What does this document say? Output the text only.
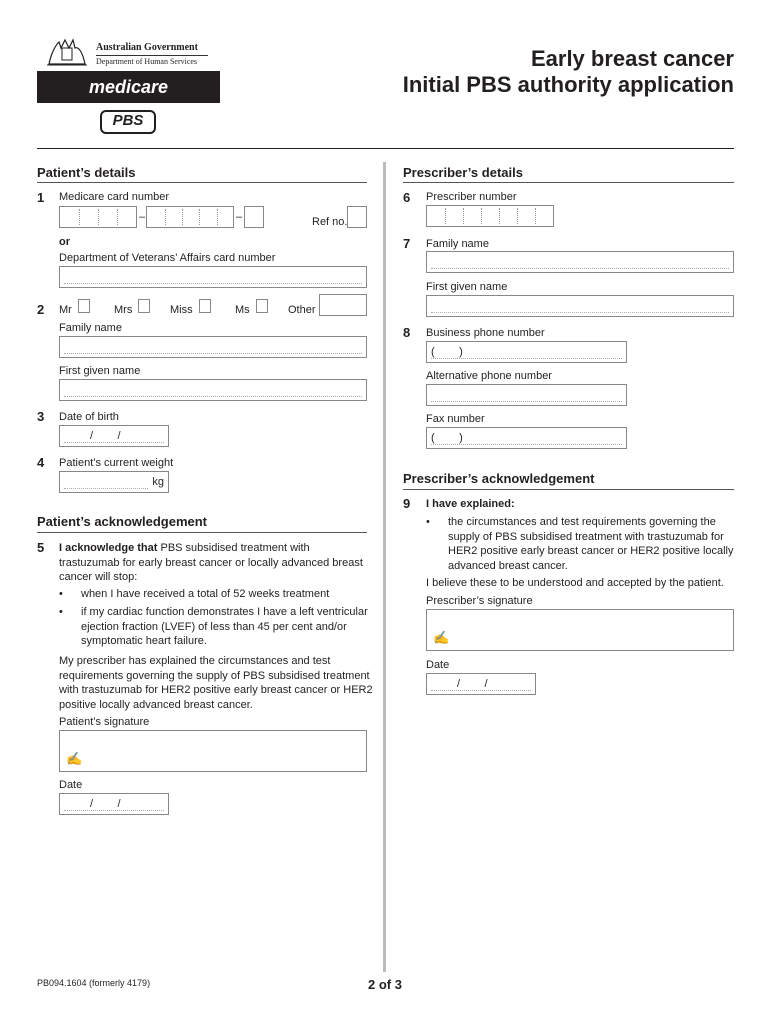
Australian Government
Department of Human Services
medicare
PBS
Early breast cancer
Initial PBS authority application
Patient’s details
1 Medicare card number
–	–	Ref no.
or
Department of Veterans’ Affairs card number
2 Mr	Mrs	Miss	Ms	Other
Family name
First given name
3 Date of birth
/        /
4 Patient’s current weight
kg
Patient’s acknowledgement
5 I acknowledge that PBS subsidised treatment with
trastuzumab for early breast cancer or locally advanced breast
cancer will stop:
• when I have received a total of 52 weeks treatment
• if my cardiac function demonstrates I have a left ventricular
ejection fraction (LVEF) of less than 45 per cent and/or
symptomatic heart failure.
My prescriber has explained the circumstances and test
requirements governing the supply of PBS subsidised treatment
with trastuzumab for HER2 positive early breast cancer or HER2
positive locally advanced breast cancer.
Patient’s signature
✍
Date
/        /
Prescriber’s details
6 Prescriber number
7 Family name
First given name
8 Business phone number
(        )
Alternative phone number
Fax number
(        )
Prescriber’s acknowledgement
9 I have explained:
• the circumstances and test requirements governing the
supply of PBS subsidised treatment with trastuzumab for
HER2 positive early breast cancer or HER2 positive locally
advanced breast cancer.
I believe these to be understood and accepted by the patient.
Prescriber’s signature
✍
Date
/        /
PB094.1604 (formerly 4179)	2 of 3
